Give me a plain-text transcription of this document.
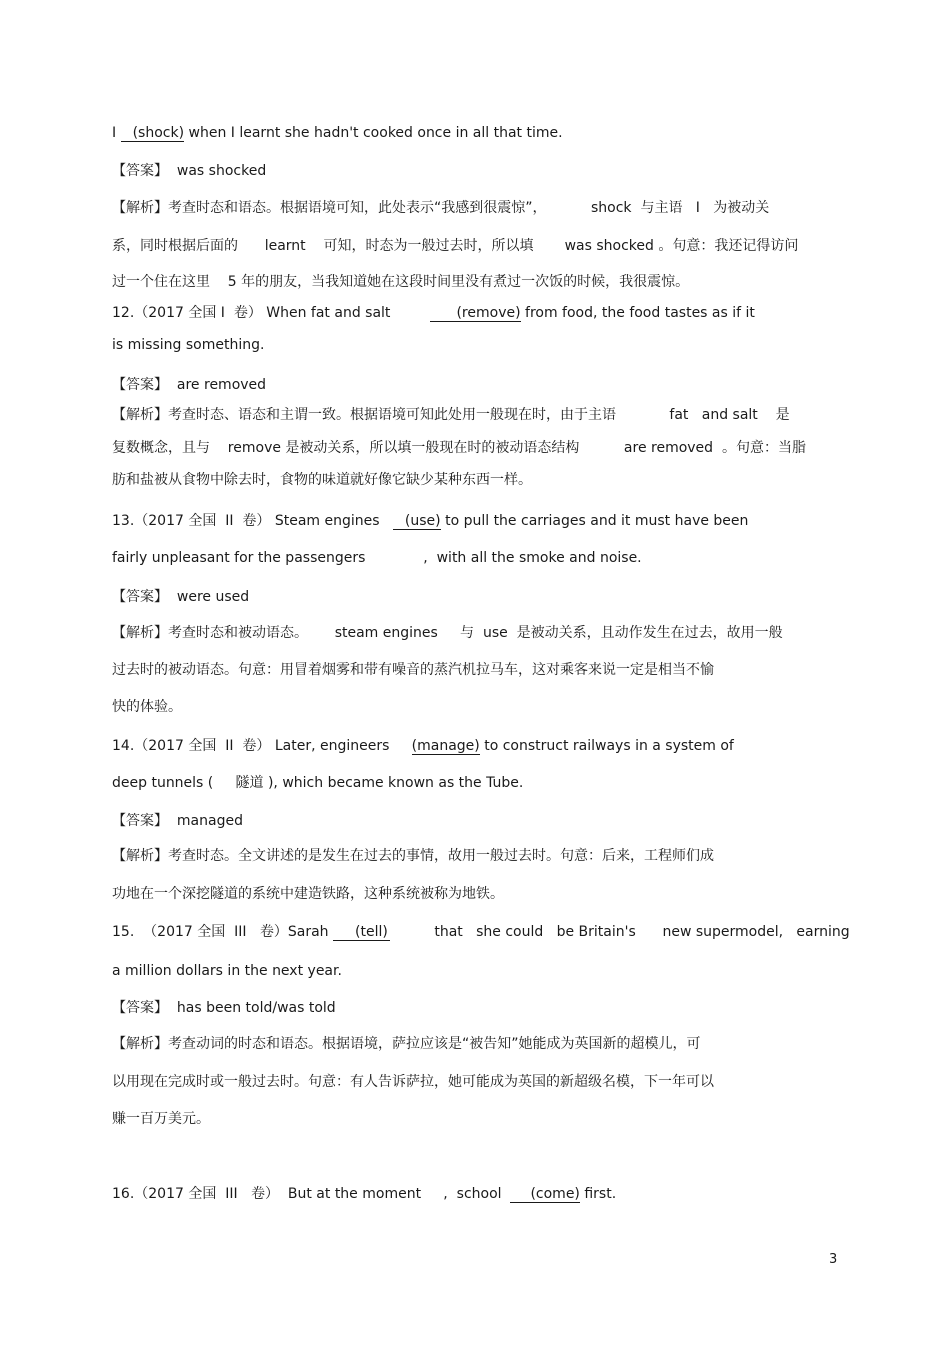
I (shock) when I learnt she hadn't cooked once in all that time.
【答案】  was shocked
【解析】考查时态和语态。根据语境可知，此处表示“我感到很震惊”，          shock  与主语   I   为被动关
系，同时根据后面的      learnt    可知，时态为一般过去时，所以填       was shocked 。句意：我还记得访问
过一个住在这里    5 年的朋友，当我知道她在这段时间里没有煮过一次饭的时候，我很震惊。
12.（2017 全国 I  卷） When fat and salt         (remove) from food, the food tastes as if it
is missing something.
【答案】  are removed
【解析】考查时态、语态和主谓一致。根据语境可知此处用一般现在时，由于主语            fat   and salt    是
复数概念，且与    remove 是被动关系，所以填一般现在时的被动语态结构          are removed  。句意：当脂
肪和盐被从食物中除去时，食物的味道就好像它缺少某种东西一样。
13.（2017 全国  II  卷） Steam engines   (use) to pull the carriages and it must have been
fairly unpleasant for the passengers             ,  with all the smoke and noise.
【答案】  were used
【解析】考查时态和被动语态。      steam engines     与  use  是被动关系，且动作发生在过去，故用一般
过去时的被动语态。句意：用冒着烟雾和带有噪音的蒸汽机拉马车，这对乘客来说一定是相当不愉
快的体验。
14.（2017 全国  II  卷） Later, engineers     (manage) to construct railways in a system of
deep tunnels (     隧道 ), which became known as the Tube.
【答案】  managed
【解析】考查时态。全文讲述的是发生在过去的事情，故用一般过去时。句意：后来，工程师们成
功地在一个深挖隧道的系统中建造铁路，这种系统被称为地铁。
15.  （2017 全国  III   卷）Sarah (tell)          that   she could   be Britain's      new supermodel,   earning
a million dollars in the next year.
【答案】  has been told/was told
【解析】考查动词的时态和语态。根据语境，萨拉应该是“被告知”她能成为英国新的超模儿，可
以用现在完成时或一般过去时。句意：有人告诉萨拉，她可能成为英国的新超级名模，下一年可以
赚一百万美元。
16.（2017 全国  III   卷）  But at the moment     ,  school  (come) first.
3
